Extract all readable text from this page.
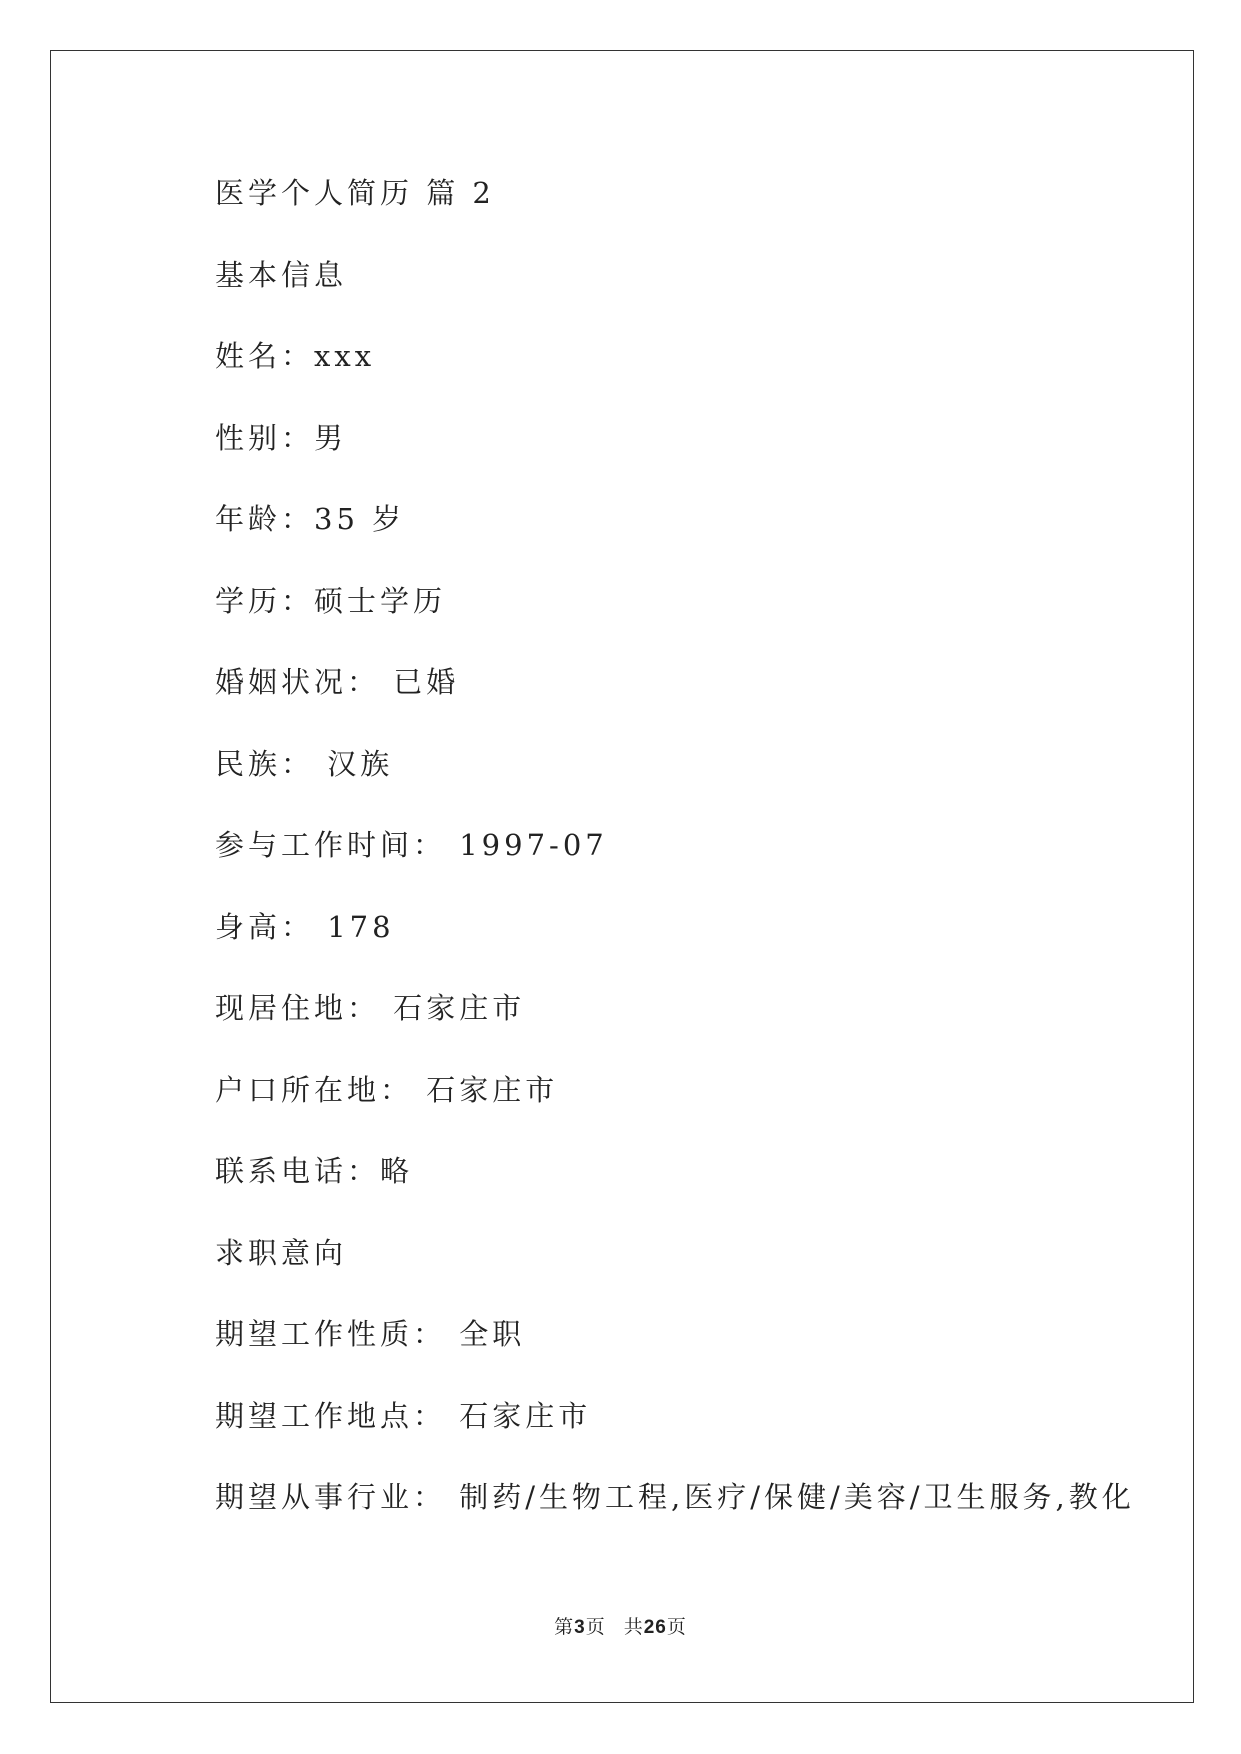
医学个人简历 篇 2
基本信息
姓名：xxx
性别：男
年龄：35 岁
学历：硕士学历
婚姻状况： 已婚
民族： 汉族
参与工作时间： 1997-07
身高： 178
现居住地： 石家庄市
户口所在地： 石家庄市
联系电话：略
求职意向
期望工作性质： 全职
期望工作地点： 石家庄市
期望从事行业： 制药/生物工程,医疗/保健/美容/卫生服务,教化
第3页 共26页
